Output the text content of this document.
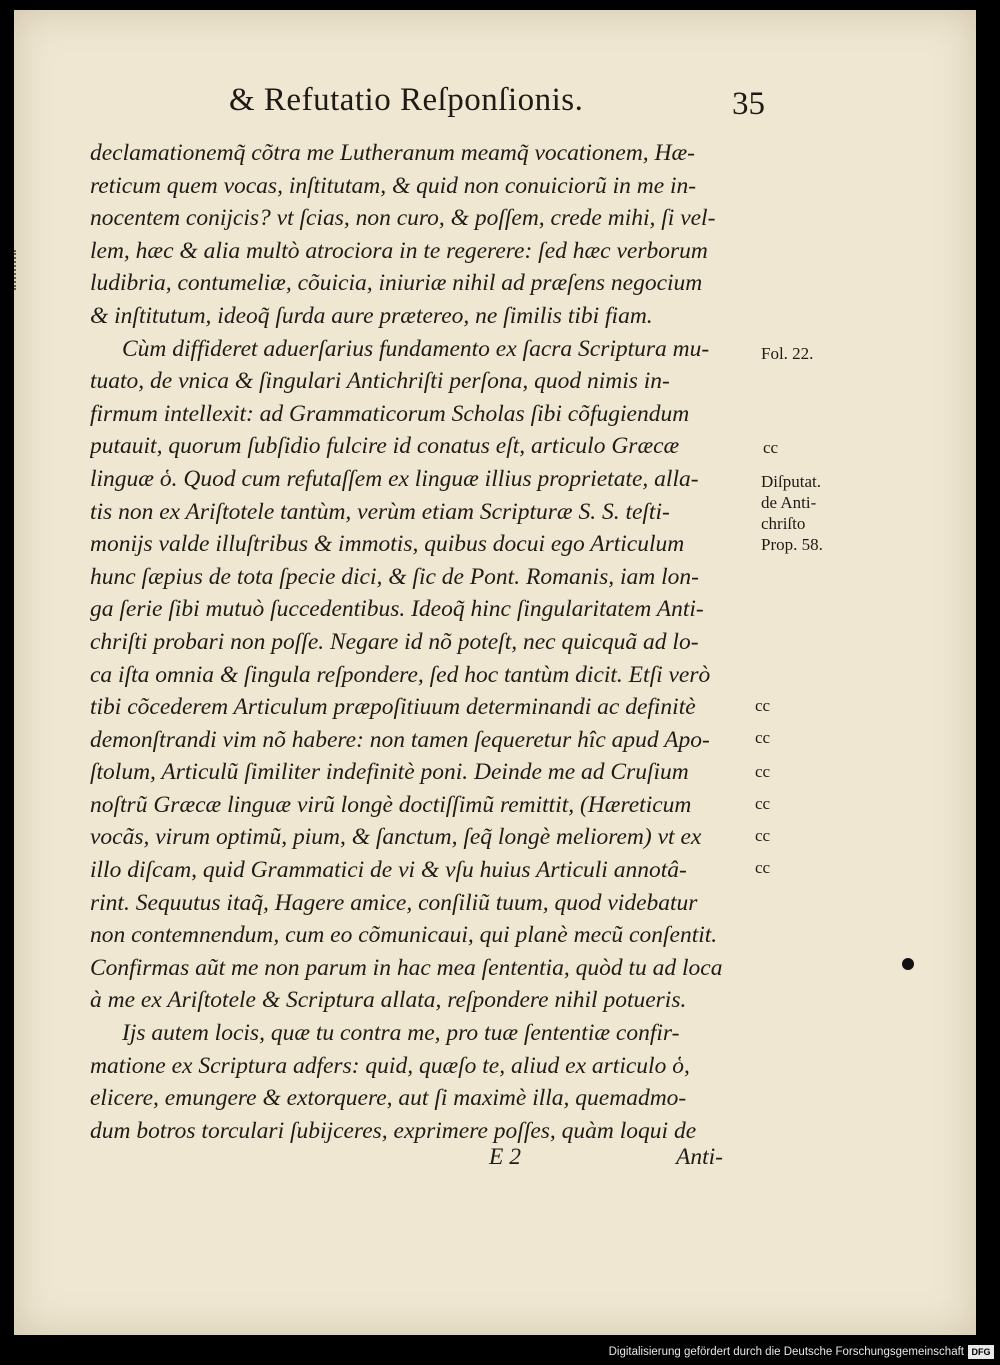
& Refutatio Reſponſionis.	35
declamationemq̃ cõtra me Lutheranum meamq̃ vocationem, Hæ-
reticum quem vocas, inſtitutam, & quid non conuiciorũ in me in-
nocentem conijcis? vt ſcias, non curo, & poſſem, crede mihi, ſi vel-
lem, hæc & alia multò atrociora in te regerere: ſed hæc verborum
ludibria, contumeliæ, cõuicia, iniuriæ nihil ad præſens negocium
& inſtitutum, ideoq̃ ſurda aure prætereo, ne ſimilis tibi fiam.
Cùm diffideret aduerſarius fundamento ex ſacra Scriptura mu-
tuato, de vnica & ſingulari Antichriſti perſona, quod nimis in-
firmum intellexit: ad Grammaticorum Scholas ſibi cõfugiendum
putauit, quorum ſubſidio fulcire id conatus eſt, articulo Græcæ
linguæ ὁ. Quod cum refutaſſem ex linguæ illius proprietate, alla-
tis non ex Ariſtotele tantùm, verùm etiam Scripturæ S. S. teſti-
monijs valde illuſtribus & immotis, quibus docui ego Articulum
hunc ſæpius de tota ſpecie dici, & ſic de Pont. Romanis, iam lon-
ga ſerie ſibi mutuò ſuccedentibus. Ideoq̃ hinc ſingularitatem Anti-
chriſti probari non poſſe. Negare id nõ poteſt, nec quicquã ad lo-
ca iſta omnia & ſingula reſpondere, ſed hoc tantùm dicit. Etſi verò
tibi cõcederem Articulum præpoſitiuum determinandi ac definitè
demonſtrandi vim nõ habere: non tamen ſequeretur hîc apud Apo-
ſtolum, Articulũ ſimiliter indefinitè poni. Deinde me ad Cruſium
noſtrũ Græcæ linguæ virũ longè doctiſſimũ remittit, (Hæreticum
vocãs, virum optimũ, pium, & ſanctum, ſeq̃ longè meliorem) vt ex
illo diſcam, quid Grammatici de vi & vſu huius Articuli annotâ-
rint. Sequutus itaq̃, Hagere amice, conſiliũ tuum, quod videbatur
non contemnendum, cum eo cõmunicaui, qui planè mecũ conſentit.
Confirmas aũt me non parum in hac mea ſententia, quòd tu ad loca
à me ex Ariſtotele & Scriptura allata, reſpondere nihil potueris.
Ijs autem locis, quæ tu contra me, pro tuæ ſententiæ confir-
matione ex Scriptura adfers: quid, quæſo te, aliud ex articulo ὁ,
elicere, emungere & extorquere, aut ſi maximè illa, quemadmo-
dum botros torculari ſubijceres, exprimere poſſes, quàm loqui de
Fol. 22.
cc
Diſputat.
de Anti-
chriſto
Prop. 58.
cc
cc
cc
cc
cc
cc
E 2	Anti-
Digitalisierung gefördert durch die Deutsche Forschungsgemeinschaft DFG
